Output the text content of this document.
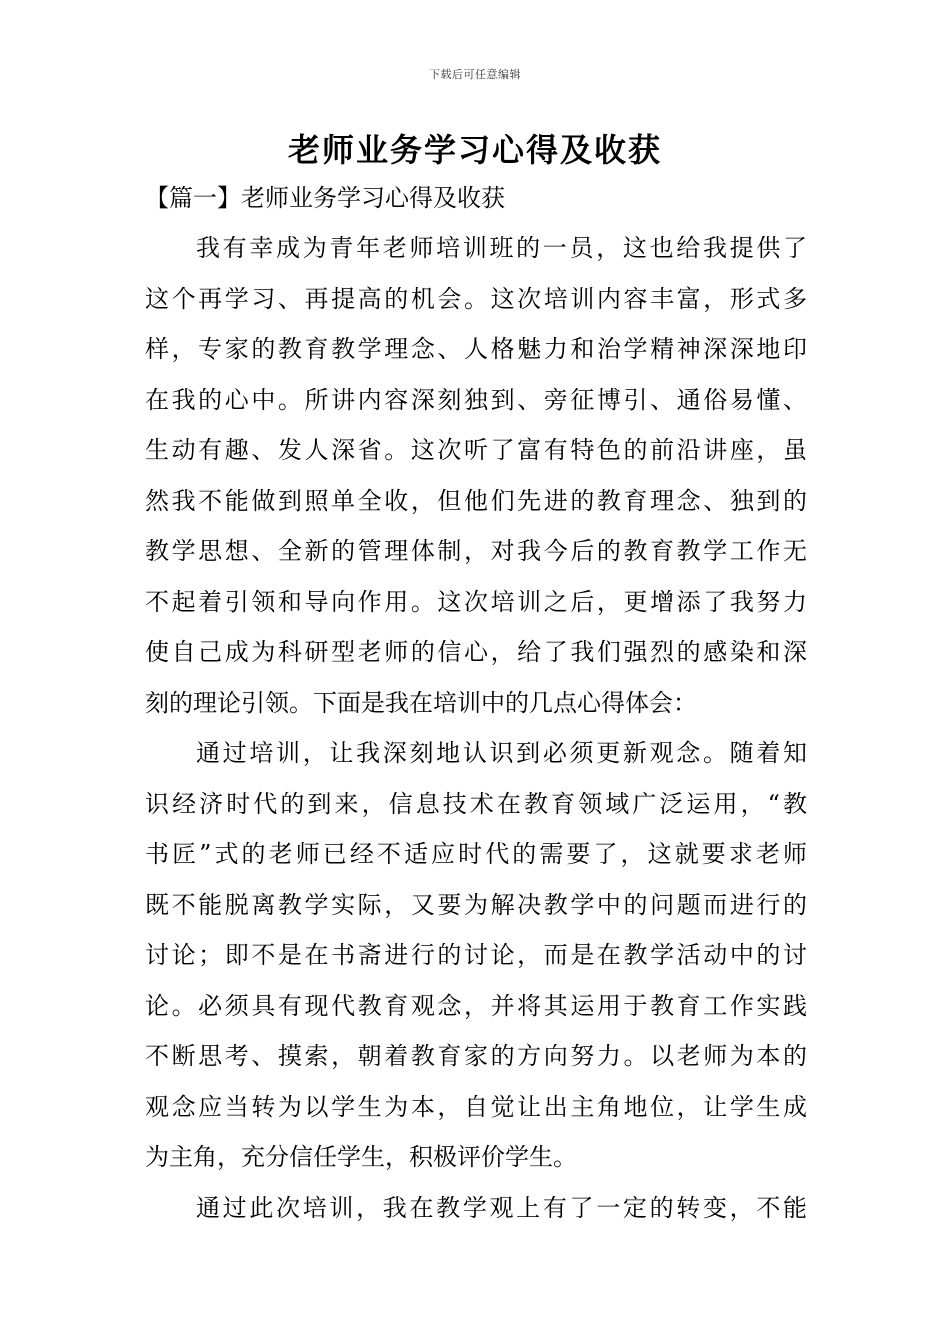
下载后可任意编辑
老师业务学习心得及收获
【篇一】老师业务学习心得及收获
我有幸成为青年老师培训班的一员，这也给我提供了
这个再学习、再提高的机会。这次培训内容丰富，形式多
样，专家的教育教学理念、人格魅力和治学精神深深地印
在我的心中。所讲内容深刻独到、旁征博引、通俗易懂、
生动有趣、发人深省。这次听了富有特色的前沿讲座，虽
然我不能做到照单全收，但他们先进的教育理念、独到的
教学思想、全新的管理体制，对我今后的教育教学工作无
不起着引领和导向作用。这次培训之后，更增添了我努力
使自己成为科研型老师的信心，给了我们强烈的感染和深
刻的理论引领。下面是我在培训中的几点心得体会：
通过培训，让我深刻地认识到必须更新观念。随着知
识经济时代的到来，信息技术在教育领域广泛运用，“教
书匠”式的老师已经不适应时代的需要了，这就要求老师
既不能脱离教学实际，又要为解决教学中的问题而进行的
讨论；即不是在书斋进行的讨论，而是在教学活动中的讨
论。必须具有现代教育观念，并将其运用于教育工作实践
不断思考、摸索，朝着教育家的方向努力。以老师为本的
观念应当转为以学生为本，自觉让出主角地位，让学生成
为主角，充分信任学生，积极评价学生。
通过此次培训，我在教学观上有了一定的转变，不能
